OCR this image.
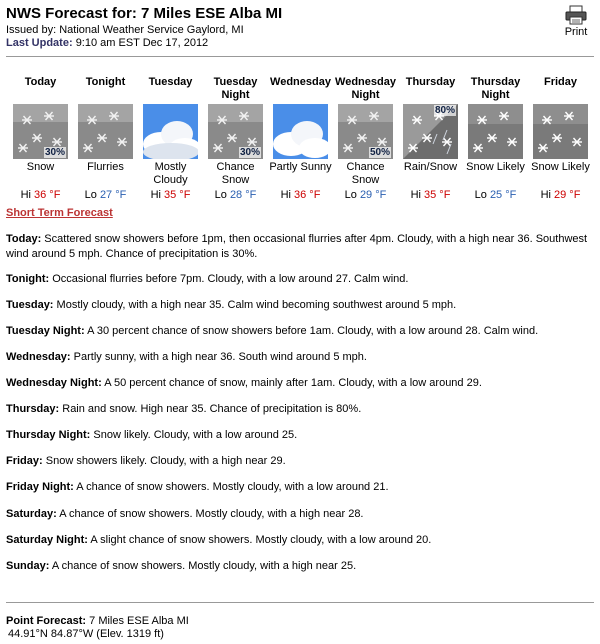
NWS Forecast for: 7 Miles ESE Alba MI
Issued by: National Weather Service Gaylord, MI
Last Update: 9:10 am EST Dec 17, 2012
Print
Today
30%
Snow
Hi 36 °F
Tonight
Flurries
Lo 27 °F
Tuesday
Mostly Cloudy
Hi 35 °F
Tuesday Night
30%
Chance Snow
Lo 28 °F
Wednesday
Partly Sunny
Hi 36 °F
Wednesday Night
50%
Chance Snow
Lo 29 °F
Thursday
80%
Rain/Snow
Hi 35 °F
Thursday Night
Snow Likely
Lo 25 °F
Friday
Snow Likely
Hi 29 °F
Short Term Forecast
Today: Scattered snow showers before 1pm, then occasional flurries after 4pm. Cloudy, with a high near 36. Southwest wind around 5 mph. Chance of precipitation is 30%.
Tonight: Occasional flurries before 7pm. Cloudy, with a low around 27. Calm wind.
Tuesday: Mostly cloudy, with a high near 35. Calm wind becoming southwest around 5 mph.
Tuesday Night: A 30 percent chance of snow showers before 1am. Cloudy, with a low around 28. Calm wind.
Wednesday: Partly sunny, with a high near 36. South wind around 5 mph.
Wednesday Night: A 50 percent chance of snow, mainly after 1am. Cloudy, with a low around 29.
Thursday: Rain and snow. High near 35. Chance of precipitation is 80%.
Thursday Night: Snow likely. Cloudy, with a low around 25.
Friday: Snow showers likely. Cloudy, with a high near 29.
Friday Night: A chance of snow showers. Mostly cloudy, with a low around 21.
Saturday: A chance of snow showers. Mostly cloudy, with a high near 28.
Saturday Night: A slight chance of snow showers. Mostly cloudy, with a low around 20.
Sunday: A chance of snow showers. Mostly cloudy, with a high near 25.
Point Forecast: 7 Miles ESE Alba MI
44.91°N 84.87°W (Elev. 1319 ft)
